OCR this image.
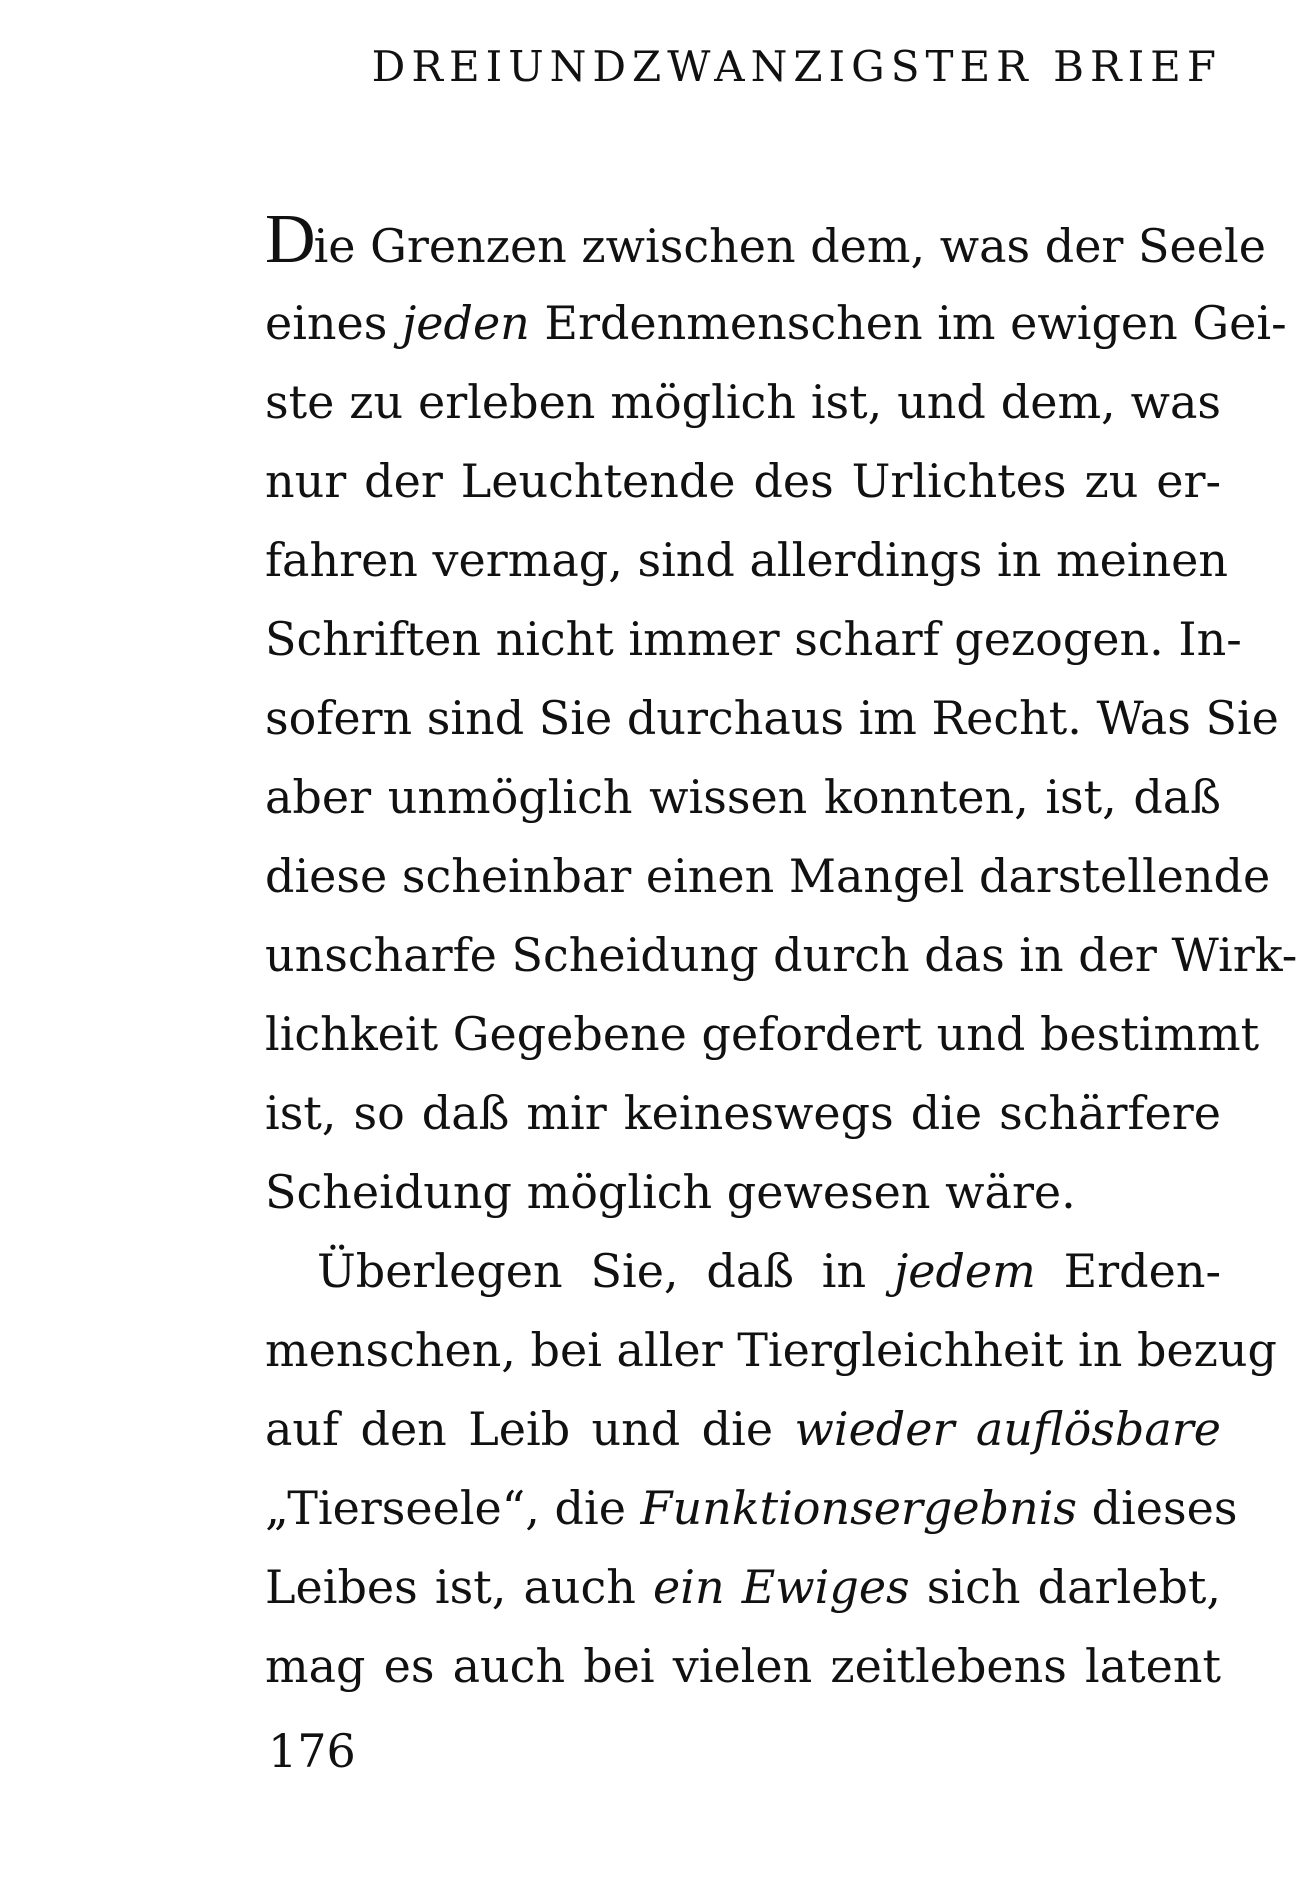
DREIUNDZWANZIGSTER BRIEF
Die Grenzen zwischen dem, was der Seele
eines jeden Erdenmenschen im ewigen Gei-
ste zu erleben möglich ist, und dem, was
nur der Leuchtende des Urlichtes zu er-
fahren vermag, sind allerdings in meinen
Schriften nicht immer scharf gezogen. In-
sofern sind Sie durchaus im Recht. Was Sie
aber unmöglich wissen konnten, ist, daß
diese scheinbar einen Mangel darstellende
unscharfe Scheidung durch das in der Wirk-
lichkeit Gegebene gefordert und bestimmt
ist, so daß mir keineswegs die schärfere
Scheidung möglich gewesen wäre.
Überlegen Sie, daß in jedem Erden-
menschen, bei aller Tiergleichheit in bezug
auf den Leib und die wieder auflösbare
„Tierseele“, die Funktionsergebnis dieses
Leibes ist, auch ein Ewiges sich darlebt,
mag es auch bei vielen zeitlebens latent
176
